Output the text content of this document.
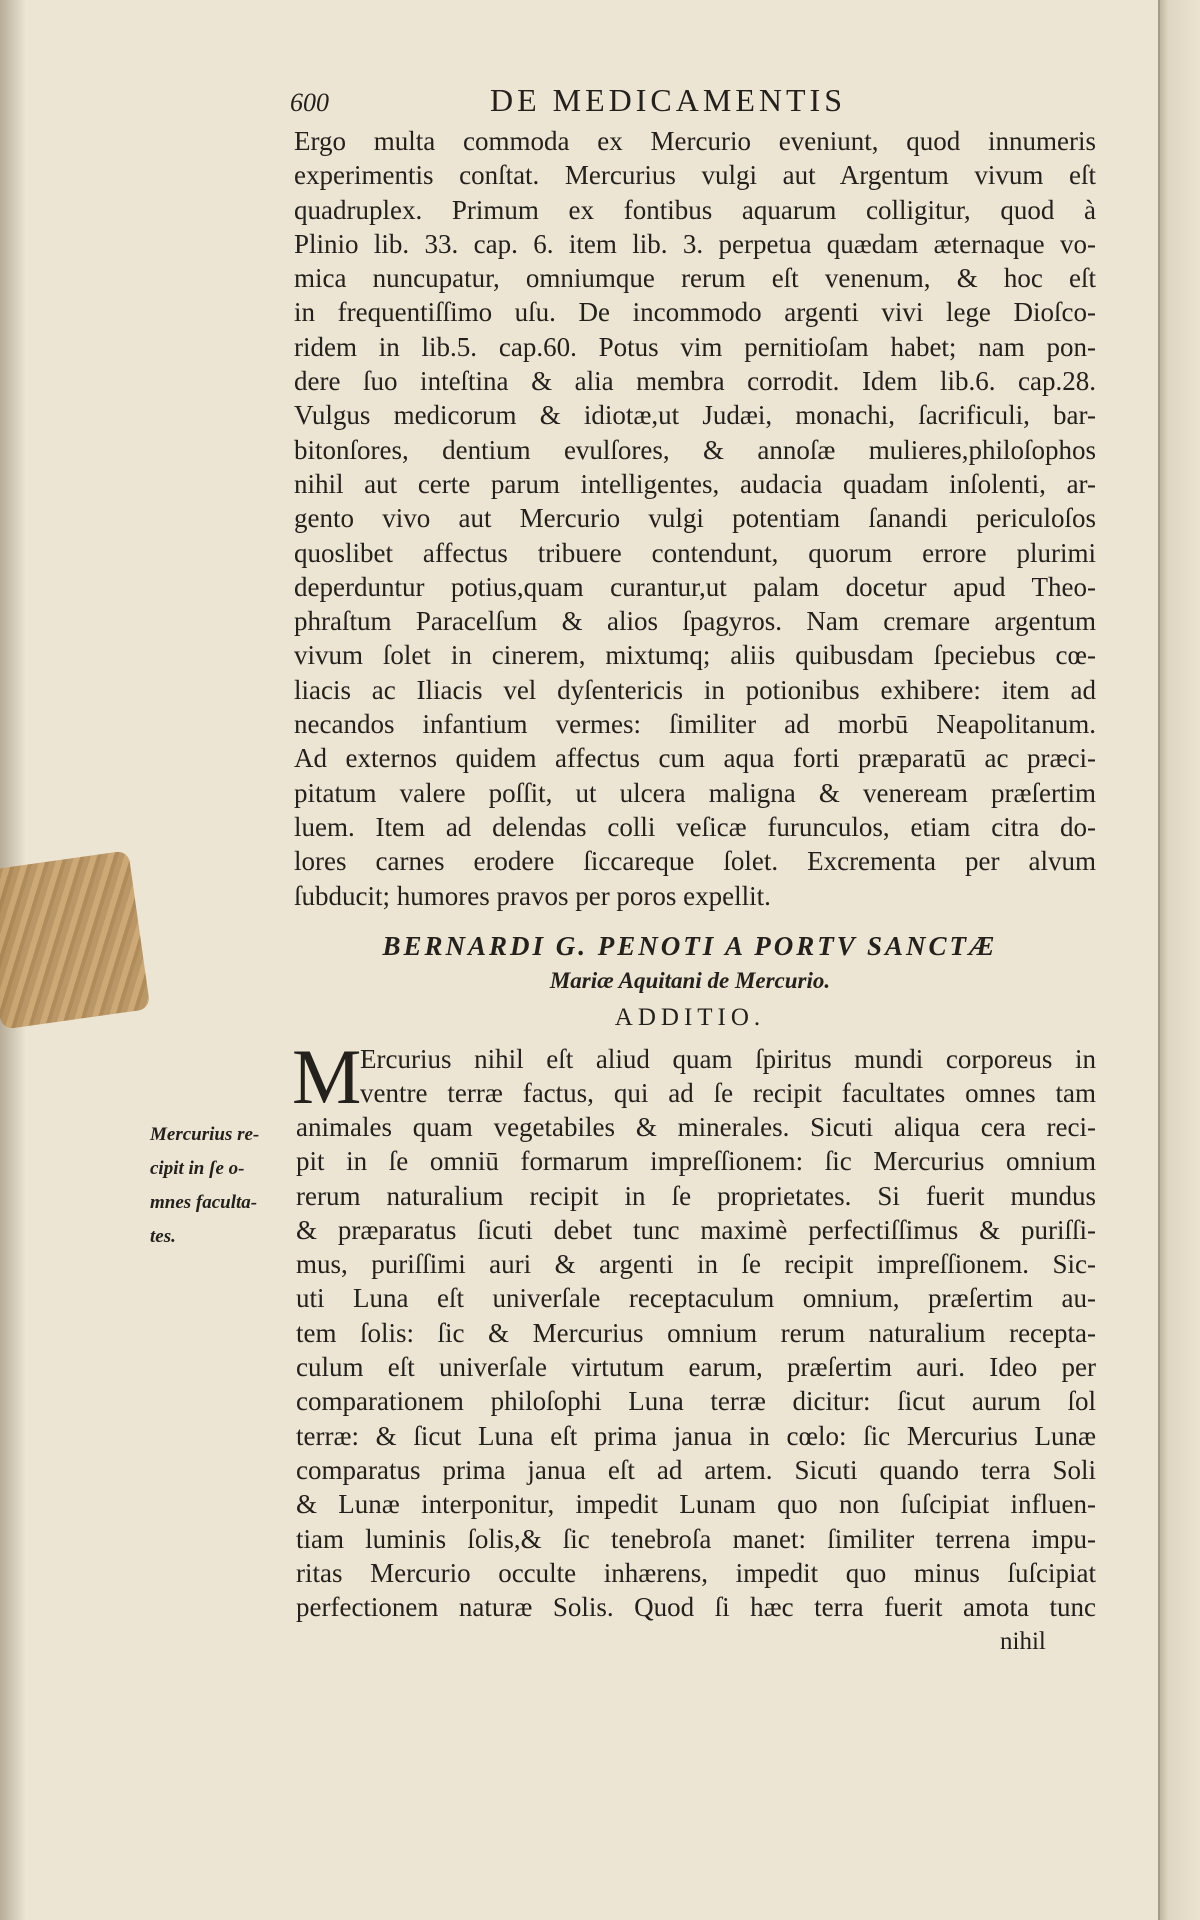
600	DE MEDICAMENTIS
Ergo multa commoda ex Mercurio eveniunt, quod innumeris
experimentis conſtat. Mercurius vulgi aut Argentum vivum eſt
quadruplex. Primum ex fontibus aquarum colligitur, quod à
Plinio lib. 33. cap. 6. item lib. 3. perpetua quædam æternaque vo-
mica nuncupatur, omniumque rerum eſt venenum, & hoc eſt
in frequentiſſimo uſu. De incommodo argenti vivi lege Dioſco-
ridem in lib.5. cap.60. Potus vim pernitioſam habet; nam pon-
dere ſuo inteſtina & alia membra corrodit. Idem lib.6. cap.28.
Vulgus medicorum & idiotæ,ut Judæi, monachi, ſacrificuli, bar-
bitonſores, dentium evulſores, & annoſæ mulieres,philoſophos
nihil aut certe parum intelligentes, audacia quadam inſolenti, ar-
gento vivo aut Mercurio vulgi potentiam ſanandi periculoſos
quoslibet affectus tribuere contendunt, quorum errore plurimi
deperduntur potius,quam curantur,ut palam docetur apud Theo-
phraſtum Paracelſum & alios ſpagyros. Nam cremare argentum
vivum ſolet in cinerem, mixtumq; aliis quibusdam ſpeciebus cœ-
liacis ac Iliacis vel dyſentericis in potionibus exhibere: item ad
necandos infantium vermes: ſimiliter ad morbū Neapolitanum.
Ad externos quidem affectus cum aqua forti præparatū ac præci-
pitatum valere poſſit, ut ulcera maligna & veneream præſertim
luem. Item ad delendas colli veſicæ furunculos, etiam citra do-
lores carnes erodere ſiccareque ſolet. Excrementa per alvum
ſubducit; humores pravos per poros expellit.
BERNARDI G. PENOTI A PORTV SANCTÆ
Mariæ Aquitani de Mercurio.
ADDITIO.
M
Ercurius nihil eſt aliud quam ſpiritus mundi corporeus in
ventre terræ factus, qui ad ſe recipit facultates omnes tam
animales quam vegetabiles & minerales. Sicuti aliqua cera reci-
pit in ſe omniū formarum impreſſionem: ſic Mercurius omnium
rerum naturalium recipit in ſe proprietates. Si fuerit mundus
& præparatus ſicuti debet tunc maximè perfectiſſimus & puriſſi-
mus, puriſſimi auri & argenti in ſe recipit impreſſionem. Sic-
uti Luna eſt univerſale receptaculum omnium, præſertim au-
tem ſolis: ſic & Mercurius omnium rerum naturalium recepta-
culum eſt univerſale virtutum earum, præſertim auri. Ideo per
comparationem philoſophi Luna terræ dicitur: ſicut aurum ſol
terræ: & ſicut Luna eſt prima janua in cœlo: ſic Mercurius Lunæ
comparatus prima janua eſt ad artem. Sicuti quando terra Soli
& Lunæ interponitur, impedit Lunam quo non ſuſcipiat influen-
tiam luminis ſolis,& ſic tenebroſa manet: ſimiliter terrena impu-
ritas Mercurio occulte inhærens, impedit quo minus ſuſcipiat
perfectionem naturæ Solis. Quod ſi hæc terra fuerit amota tunc
Mercurius re-
cipit in ſe o-
mnes faculta-
tes.
nihil
